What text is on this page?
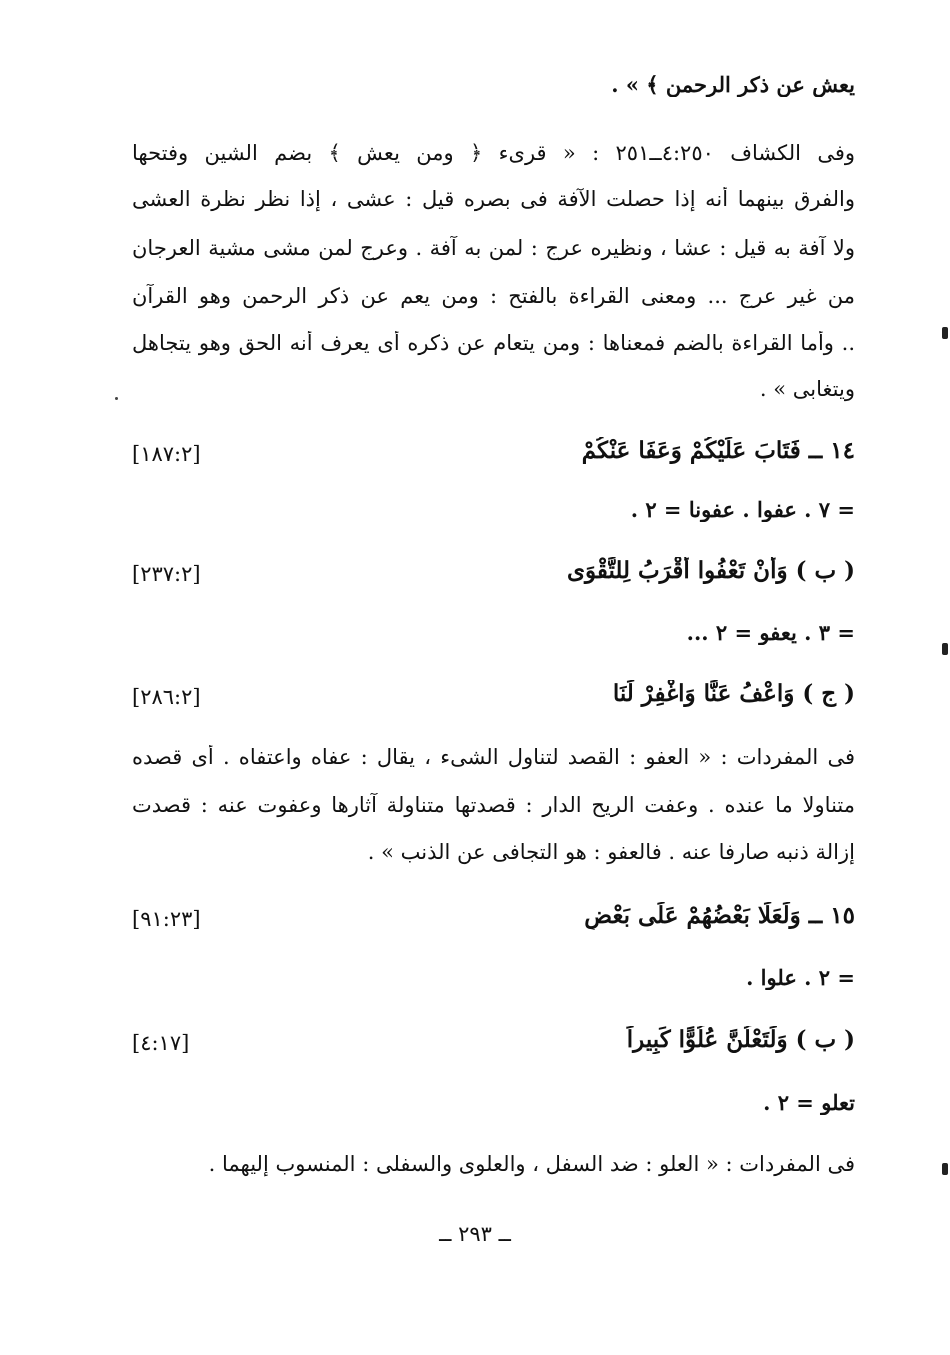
يعش عن ذكر الرحمن ﴾ » .
وفى الكشاف ٤:٢٥٠ــ٢٥١ : « قرىء ﴿ ومن يعش ﴾ بضم الشين وفتحها
والفرق بينهما أنه إذا حصلت الآفة فى بصره قيل : عشى ، إذا نظر نظرة العشى
ولا آفة به قيل : عشا ، ونظيره عرج : لمن به آفة . وعرج لمن مشى مشية العرجان
من غير عرج ... ومعنى القراءة بالفتح : ومن يعم عن ذكر الرحمن وهو القرآن
.. وأما القراءة بالضم فمعناها : ومن يتعام عن ذكره أى يعرف أنه الحق وهو يتجاهل
ويتغابى » .
١٤ ــ فَتَابَ عَلَيْكُمْ وَعَفَا عَنْكُمْ
[١٨٧:٢]
= ٧ . عفوا . عفونا = ٢ .
( ب ) وَأَنْ تَعْفُوا أَقْرَبُ لِلتَّقْوَى
[٢٣٧:٢]
= ٣ . يعفو = ٢ ...
( ج ) وَاعْفُ عَنَّا وَاغْفِرْ لَنَا
[٢٨٦:٢]
فى المفردات : « العفو : القصد لتناول الشىء ، يقال : عفاه واعتفاه . أى قصده
متناولا ما عنده . وعفت الريح الدار : قصدتها متناولة آثارها وعفوت عنه : قصدت
إزالة ذنبه صارفا عنه . فالعفو : هو التجافى عن الذنب » .
١٥ ــ وَلَعَلَا بَعْضُهُمْ عَلَى بَعْضٍ
[٩١:٢٣]
= ٢ . علوا .
( ب ) وَلَتَعْلُنَّ عُلُوًّا كَبِيراً
[٤:١٧]
تعلو = ٢ .
فى المفردات : « العلو : ضد السفل ، والعلوى والسفلى : المنسوب إليهما .
ــ ٢٩٣ ــ
